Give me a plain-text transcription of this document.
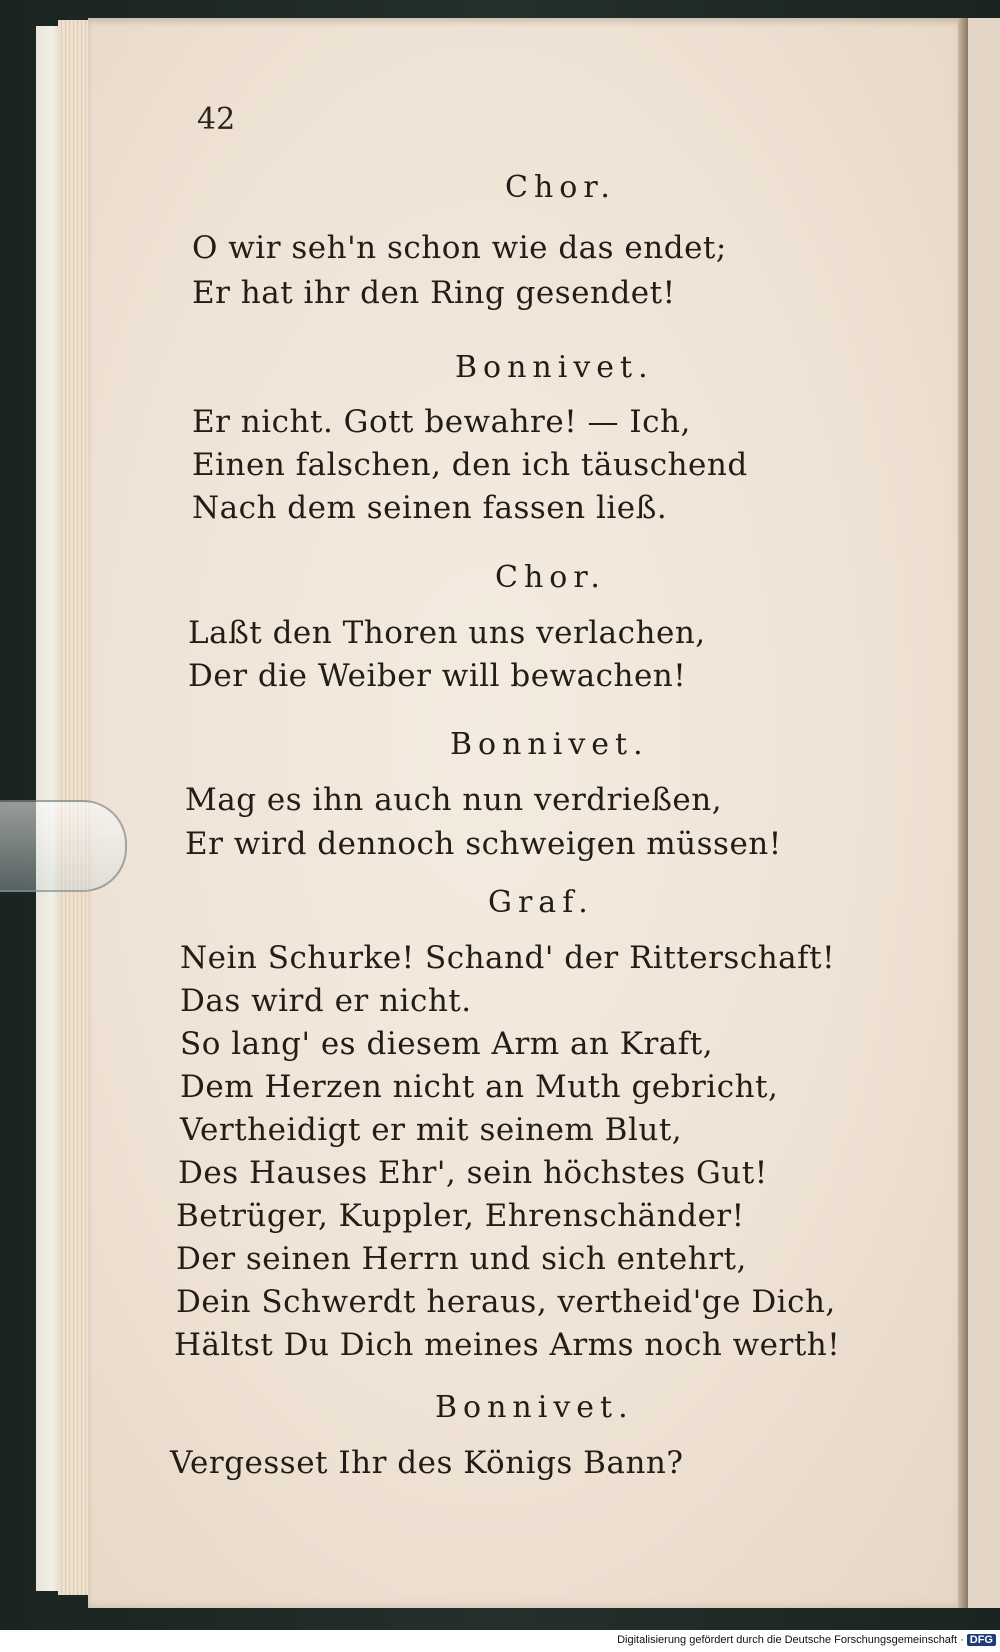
42
Chor.
O wir seh'n schon wie das endet;
Er hat ihr den Ring gesendet!
Bonnivet.
Er nicht. Gott bewahre! — Ich,
Einen falschen, den ich täuschend
Nach dem seinen fassen ließ.
Chor.
Laßt den Thoren uns verlachen,
Der die Weiber will bewachen!
Bonnivet.
Mag es ihn auch nun verdrießen,
Er wird dennoch schweigen müssen!
Graf.
Nein Schurke! Schand' der Ritterschaft!
Das wird er nicht.
So lang' es diesem Arm an Kraft,
Dem Herzen nicht an Muth gebricht,
Vertheidigt er mit seinem Blut,
Des Hauses Ehr', sein höchstes Gut!
Betrüger, Kuppler, Ehrenschänder!
Der seinen Herrn und sich entehrt,
Dein Schwerdt heraus, vertheid'ge Dich,
Hältst Du Dich meines Arms noch werth!
Bonnivet.
Vergesset Ihr des Königs Bann?
Digitalisierung gefördert durch die Deutsche Forschungsgemeinschaft · DFG
